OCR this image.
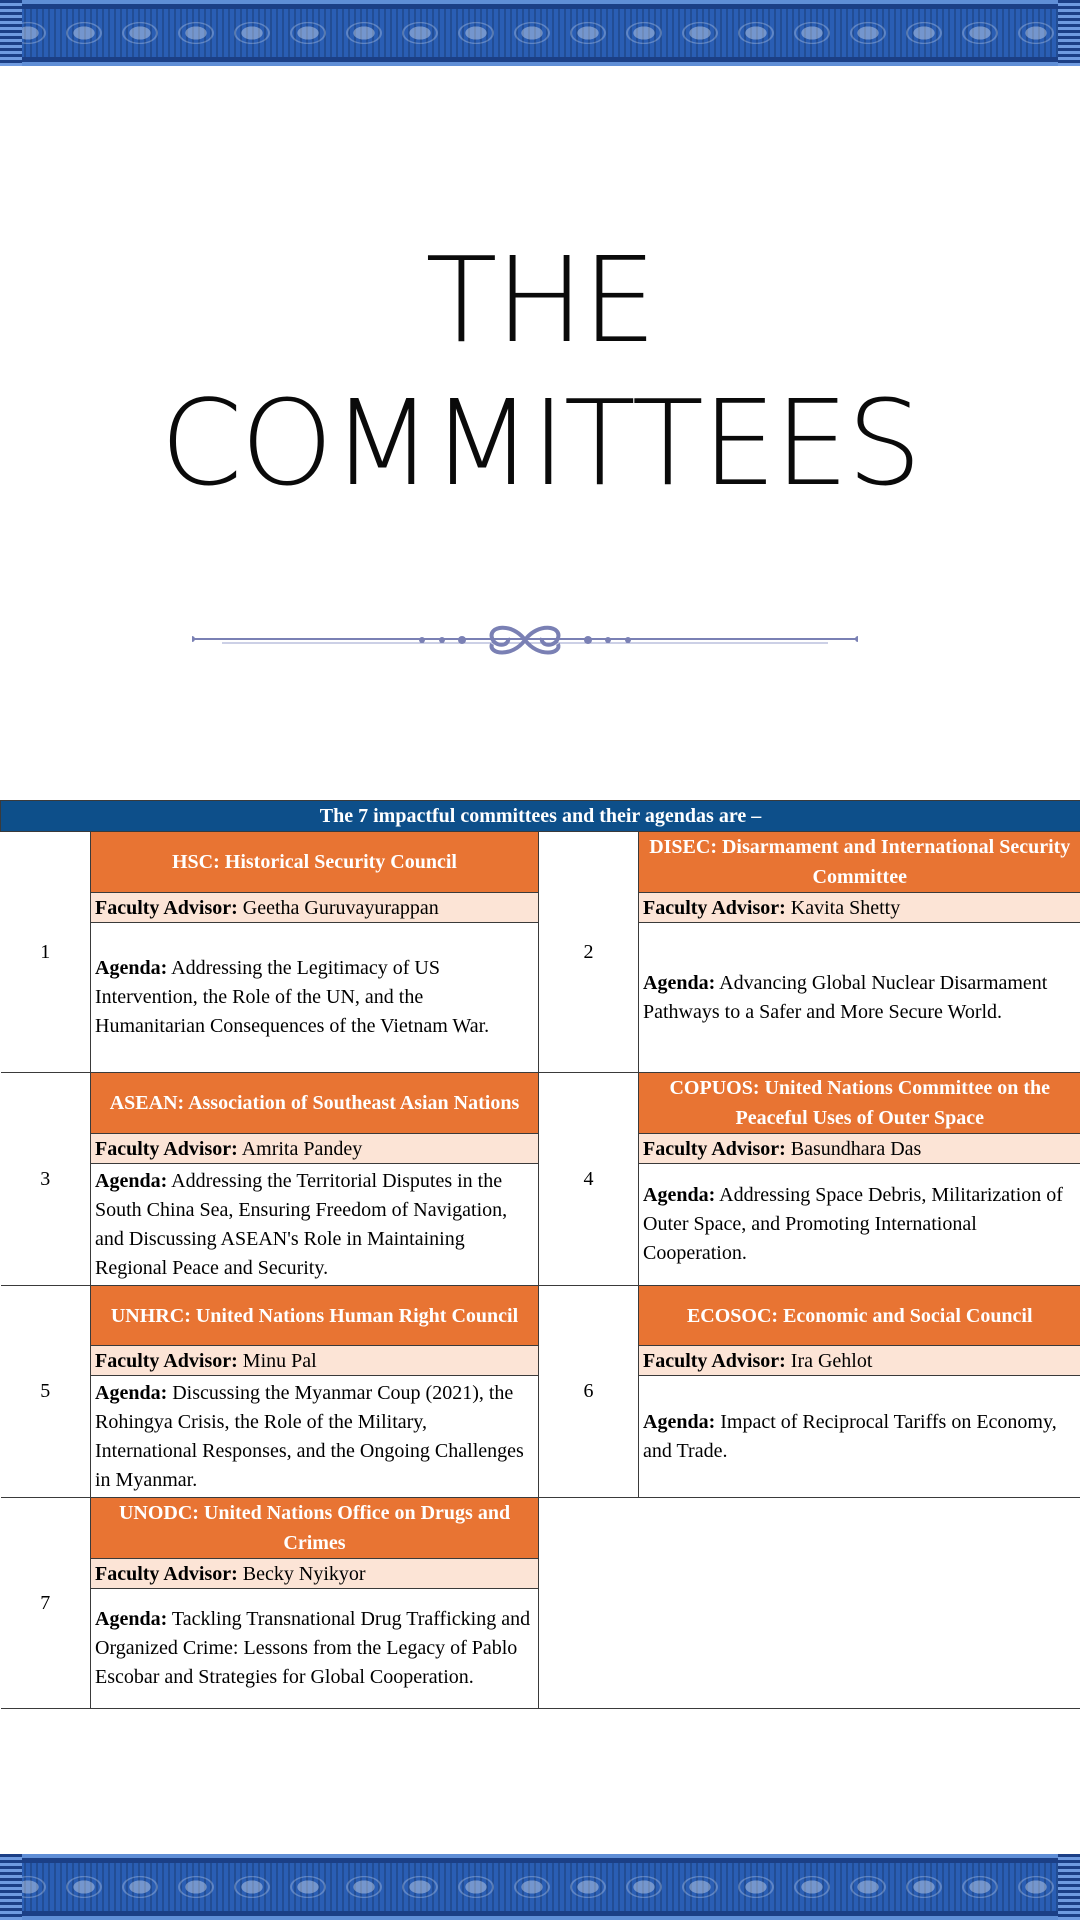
THE
COMMITTEES
The 7 impactful committees and their agendas are –			
1	HSC: Historical Security Council	2	DISEC: Disarmament and International Security Committee
	Faculty Advisor: Geetha Guruvayurappan		Faculty Advisor: Kavita Shetty
	Agenda: Addressing the Legitimacy of US Intervention, the Role of the UN, and the Humanitarian Consequences of the Vietnam War.		Agenda: Advancing Global Nuclear Disarmament Pathways to a Safer and More Secure World.
3	ASEAN: Association of Southeast Asian Nations	4	COPUOS: United Nations Committee on the Peaceful Uses of Outer Space
	Faculty Advisor: Amrita Pandey		Faculty Advisor: Basundhara Das
	Agenda: Addressing the Territorial Disputes in the South China Sea, Ensuring Freedom of Navigation, and Discussing ASEAN's Role in Maintaining Regional Peace and Security.		Agenda: Addressing Space Debris, Militarization of Outer Space, and Promoting International Cooperation.
5	UNHRC: United Nations Human Right Council	6	ECOSOC: Economic and Social Council
	Faculty Advisor: Minu Pal		Faculty Advisor: Ira Gehlot
	Agenda: Discussing the Myanmar Coup (2021), the Rohingya Crisis, the Role of the Military, International Responses, and the Ongoing Challenges in Myanmar.		Agenda: Impact of Reciprocal Tariffs on Economy, and Trade.
7	UNODC: United Nations Office on Drugs and Crimes		
	Faculty Advisor: Becky Nyikyor		
	Agenda: Tackling Transnational Drug Trafficking and Organized Crime: Lessons from the Legacy of Pablo Escobar and Strategies for Global Cooperation.		
